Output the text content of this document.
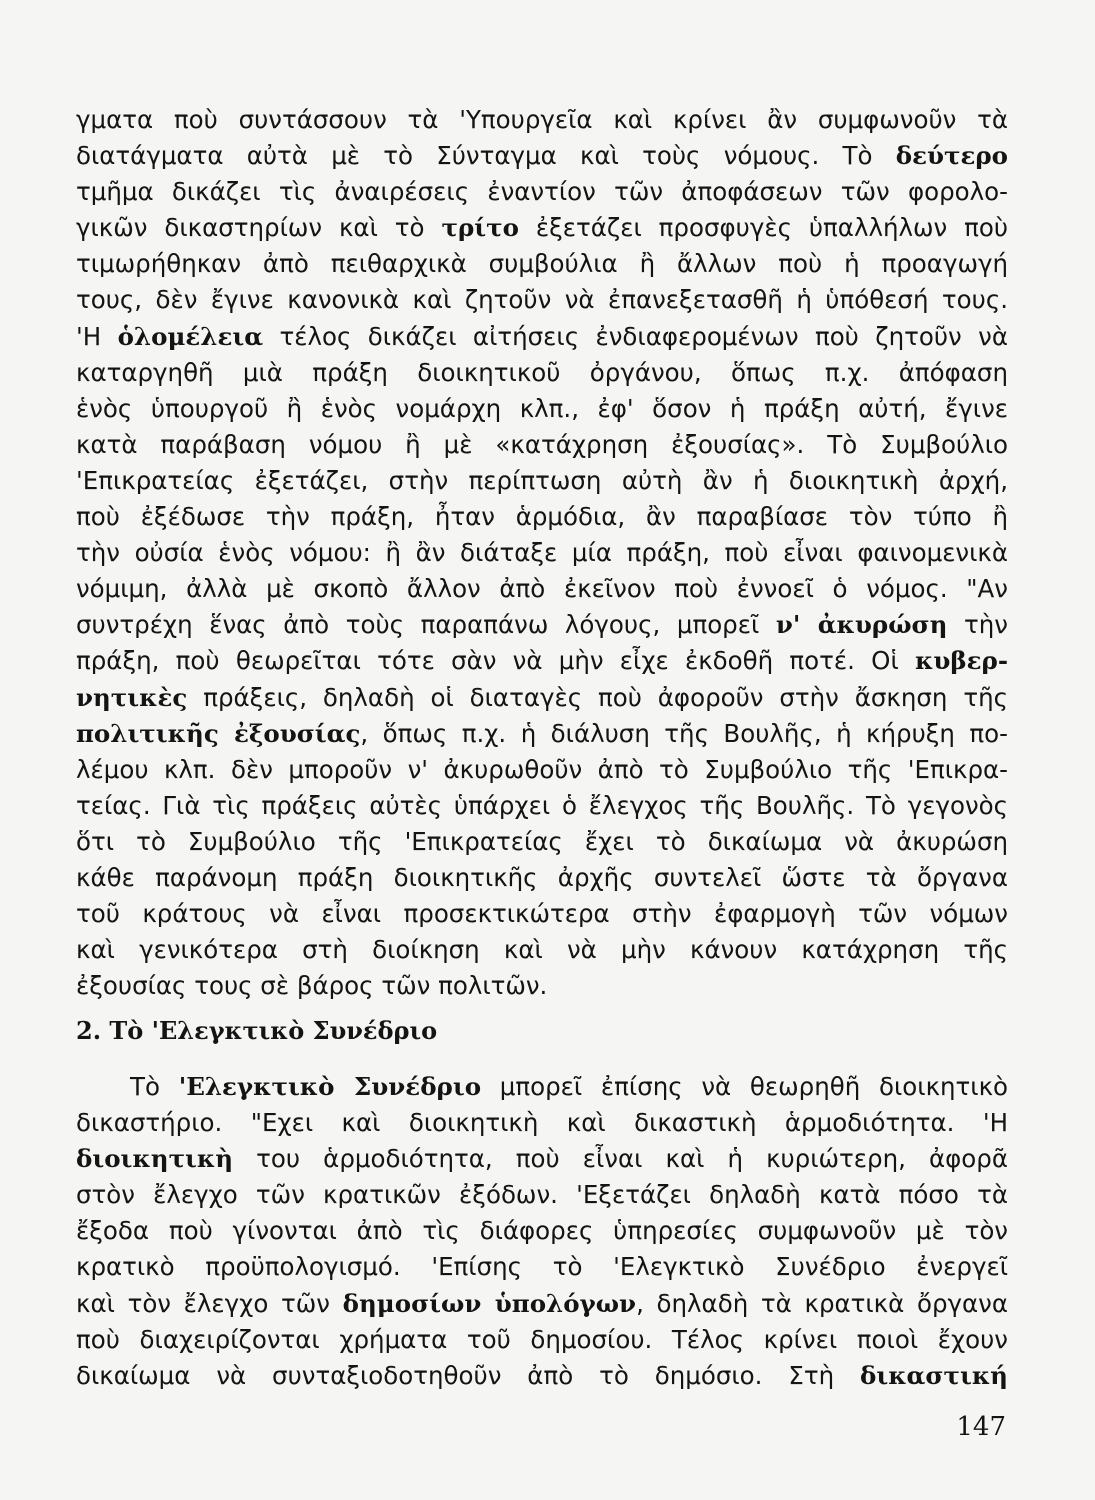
γματα ποὺ συντάσσουν τὰ 'Υπουργεῖα καὶ κρίνει ἂν συμφωνοῦν τὰ
διατάγματα αὐτὰ μὲ τὸ Σύνταγμα καὶ τοὺς νόμους. Τὸ δεύτερο
τμῆμα δικάζει τὶς ἀναιρέσεις ἐναντίον τῶν ἀποφάσεων τῶν φορολο-
γικῶν δικαστηρίων καὶ τὸ τρίτο ἐξετάζει προσφυγὲς ὑπαλλήλων ποὺ
τιμωρήθηκαν ἀπὸ πειθαρχικὰ συμβούλια ἢ ἄλλων ποὺ ἡ προαγωγή
τους, δὲν ἔγινε κανονικὰ καὶ ζητοῦν νὰ ἐπανεξετασθῆ ἡ ὑπόθεσή τους.
'Η ὁλομέλεια τέλος δικάζει αἰτήσεις ἐνδιαφερομένων ποὺ ζητοῦν νὰ
καταργηθῆ μιὰ πράξη διοικητικοῦ ὀργάνου, ὅπως π.χ. ἀπόφαση
ἑνὸς ὑπουργοῦ ἢ ἑνὸς νομάρχη κλπ., ἐφ' ὅσον ἡ πράξη αὐτή, ἔγινε
κατὰ παράβαση νόμου ἢ μὲ «κατάχρηση ἐξουσίας». Τὸ Συμβούλιο
'Επικρατείας ἐξετάζει, στὴν περίπτωση αὐτὴ ἂν ἡ διοικητικὴ ἀρχή,
ποὺ ἐξέδωσε τὴν πράξη, ἦταν ἁρμόδια, ἂν παραβίασε τὸν τύπο ἢ
τὴν οὐσία ἑνὸς νόμου: ἢ ἂν διάταξε μία πράξη, ποὺ εἶναι φαινομενικὰ
νόμιμη, ἀλλὰ μὲ σκοπὸ ἄλλον ἀπὸ ἐκεῖνον ποὺ ἐννοεῖ ὁ νόμος. "Αν
συντρέχη ἕνας ἀπὸ τοὺς παραπάνω λόγους, μπορεῖ ν' ἀκυρώση τὴν
πράξη, ποὺ θεωρεῖται τότε σὰν νὰ μὴν εἶχε ἐκδοθῆ ποτέ. Οἱ κυβερ-
νητικὲς πράξεις, δηλαδὴ οἱ διαταγὲς ποὺ ἀφοροῦν στὴν ἄσκηση τῆς
πολιτικῆς ἐξουσίας, ὅπως π.χ. ἡ διάλυση τῆς Βουλῆς, ἡ κήρυξη πο-
λέμου κλπ. δὲν μποροῦν ν' ἀκυρωθοῦν ἀπὸ τὸ Συμβούλιο τῆς 'Επικρα-
τείας. Γιὰ τὶς πράξεις αὐτὲς ὑπάρχει ὁ ἔλεγχος τῆς Βουλῆς. Τὸ γεγονὸς
ὅτι τὸ Συμβούλιο τῆς 'Επικρατείας ἔχει τὸ δικαίωμα νὰ ἀκυρώση
κάθε παράνομη πράξη διοικητικῆς ἀρχῆς συντελεῖ ὥστε τὰ ὄργανα
τοῦ κράτους νὰ εἶναι προσεκτικώτερα στὴν ἐφαρμογὴ τῶν νόμων
καὶ γενικότερα στὴ διοίκηση καὶ νὰ μὴν κάνουν κατάχρηση τῆς
ἐξουσίας τους σὲ βάρος τῶν πολιτῶν.
2. Τὸ 'Ελεγκτικὸ Συνέδριο
Τὸ 'Ελεγκτικὸ Συνέδριο μπορεῖ ἐπίσης νὰ θεωρηθῆ διοικητικὸ
δικαστήριο. "Εχει καὶ διοικητικὴ καὶ δικαστικὴ ἁρμοδιότητα. 'Η
διοικητικὴ του ἁρμοδιότητα, ποὺ εἶναι καὶ ἡ κυριώτερη, ἀφορᾶ
στὸν ἔλεγχο τῶν κρατικῶν ἐξόδων. 'Εξετάζει δηλαδὴ κατὰ πόσο τὰ
ἔξοδα ποὺ γίνονται ἀπὸ τὶς διάφορες ὑπηρεσίες συμφωνοῦν μὲ τὸν
κρατικὸ προϋπολογισμό. 'Επίσης τὸ 'Ελεγκτικὸ Συνέδριο ἐνεργεῖ
καὶ τὸν ἔλεγχο τῶν δημοσίων ὑπολόγων, δηλαδὴ τὰ κρατικὰ ὄργανα
ποὺ διαχειρίζονται χρήματα τοῦ δημοσίου. Τέλος κρίνει ποιοὶ ἔχουν
δικαίωμα νὰ συνταξιοδοτηθοῦν ἀπὸ τὸ δημόσιο. Στὴ δικαστική
147
